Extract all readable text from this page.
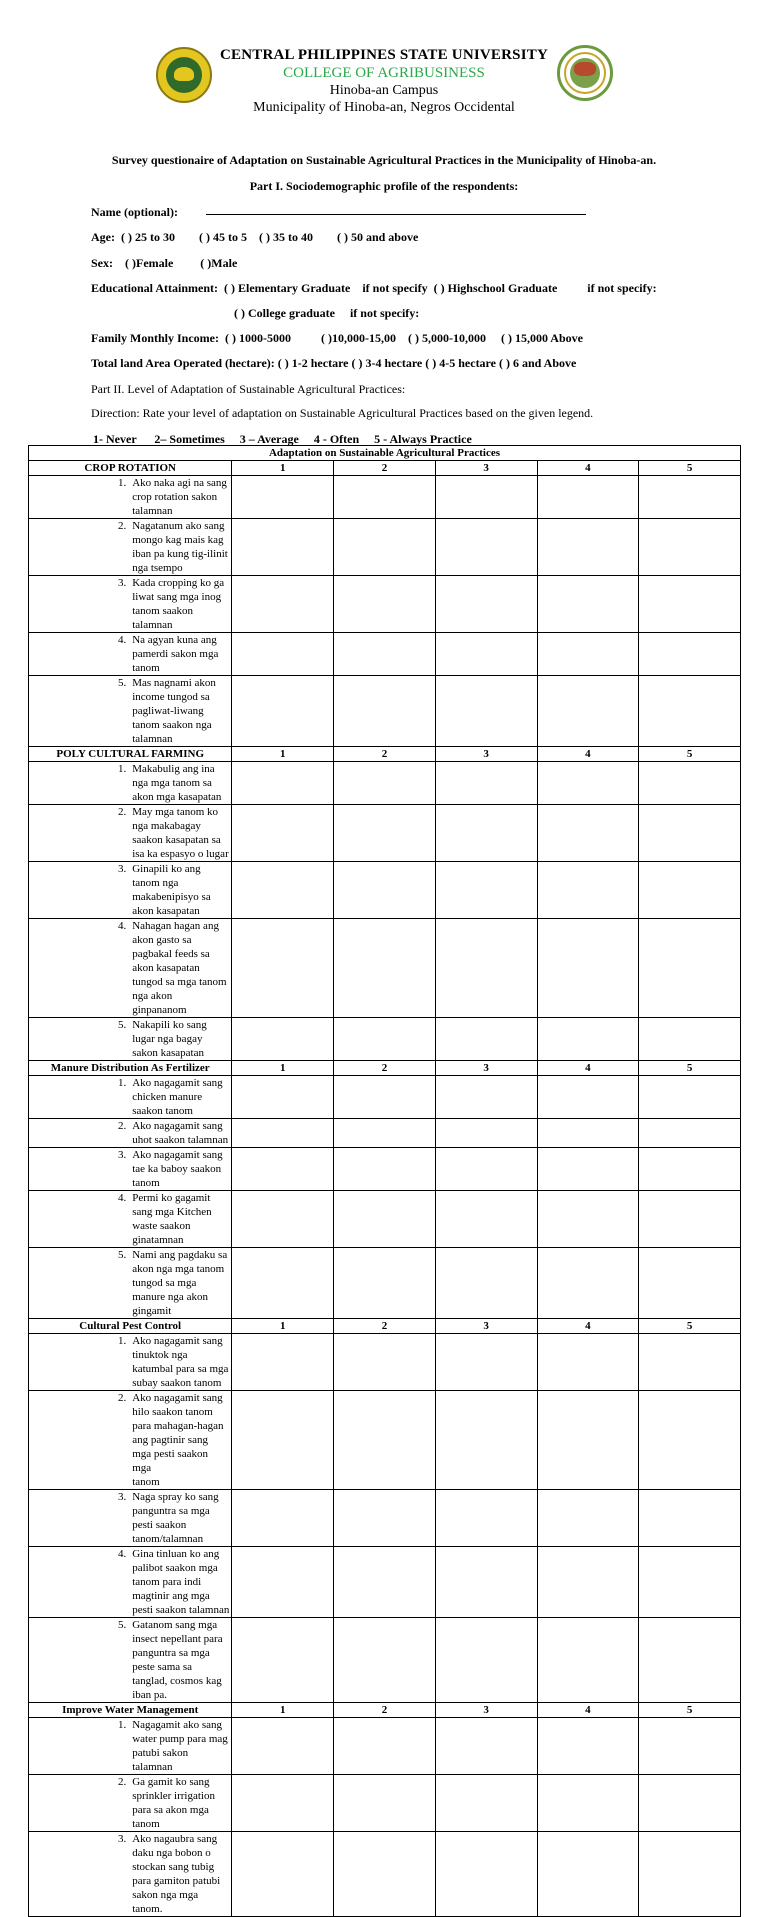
CENTRAL PHILIPPINES STATE UNIVERSITY
COLLEGE OF AGRIBUSINESS
Hinoba-an Campus
Municipality of Hinoba-an, Negros Occidental
Survey questionaire of Adaptation on Sustainable Agricultural Practices in the Municipality of Hinoba-an.
Part I. Sociodemographic profile of the respondents:
Name (optional):
Age:  ( ) 25 to 30        ( ) 45 to 5    ( ) 35 to 40        ( ) 50 and above
Sex:    ( )Female         ( )Male
Educational Attainment:  ( ) Elementary Graduate    if not specify  ( ) Highschool Graduate          if not specify:
( ) College graduate     if not specify:
Family Monthly Income:  ( ) 1000-5000          ( )10,000-15,00    ( ) 5,000-10,000     ( ) 15,000 Above
Total land Area Operated (hectare): ( ) 1-2 hectare ( ) 3-4 hectare ( ) 4-5 hectare ( ) 6 and Above
Part II. Level of Adaptation of Sustainable Agricultural Practices:
Direction: Rate your level of adaptation on Sustainable Agricultural Practices based on the given legend.
1- Never      2– Sometimes     3 – Average     4 - Often     5 - Always Practice
Adaptation on Sustainable Agricultural Practices						
CROP ROTATION		1	2	3	4	5
1.	Ako naka agi na sang crop rotation sakon talamnan					

2.	Nagatanum ako sang mongo kag mais kag iban pa kung tig-ilinit nga tsempo					

3.	Kada cropping ko ga liwat sang mga inog tanom saakon talamnan					

4.	Na agyan kuna ang pamerdi sakon mga tanom					

5.	Mas nagnami akon income tungod sa pagliwat-liwang tanom saakon nga talamnan					

POLY CULTURAL FARMING		1	2	3	4	5
1.	Makabulig ang ina nga mga tanom sa akon mga kasapatan					

2.	May mga tanom ko nga makabagay saakon kasapatan sa isa ka espasyo o lugar					

3.	Ginapili ko ang tanom nga makabenipisyo sa akon kasapatan					

4.	Nahagan hagan ang akon gasto sa pagbakal feeds sa akon kasapatan tungod sa mga tanom nga akon
ginpananom					

5.	Nakapili ko sang lugar nga bagay sakon kasapatan					

Manure Distribution As Fertilizer		1	2	3	4	5
1.	Ako nagagamit sang chicken manure saakon tanom					

2.	Ako nagagamit sang uhot saakon talamnan					

3.	Ako nagagamit sang tae ka baboy saakon tanom					

4.	Permi ko gagamit sang mga Kitchen waste saakon ginatamnan					

5.	Nami ang pagdaku sa akon nga mga tanom tungod sa mga manure nga akon gingamit					

Cultural Pest Control		1	2	3	4	5
1.	Ako nagagamit sang tinuktok nga katumbal para sa mga subay saakon tanom					

2.	Ako nagagamit sang hilo saakon tanom para mahagan-hagan ang pagtinir sang mga pesti saakon mga
tanom					

3.	Naga spray ko sang panguntra sa mga pesti saakon tanom/talamnan					

4.	Gina tinluan ko ang palibot saakon mga tanom para indi magtinir ang mga pesti saakon talamnan					

5.	Gatanom sang mga insect nepellant para panguntra sa mga peste sama sa tanglad, cosmos kag iban pa.					

Improve Water Management		1	2	3	4	5
1.	Nagagamit ako sang water pump para mag patubi sakon talamnan					

2.	Ga gamit ko sang sprinkler irrigation para sa akon mga tanom					

3.	Ako nagaubra sang daku nga bobon o stockan sang tubig para gamiton patubi sakon nga mga tanom.					
